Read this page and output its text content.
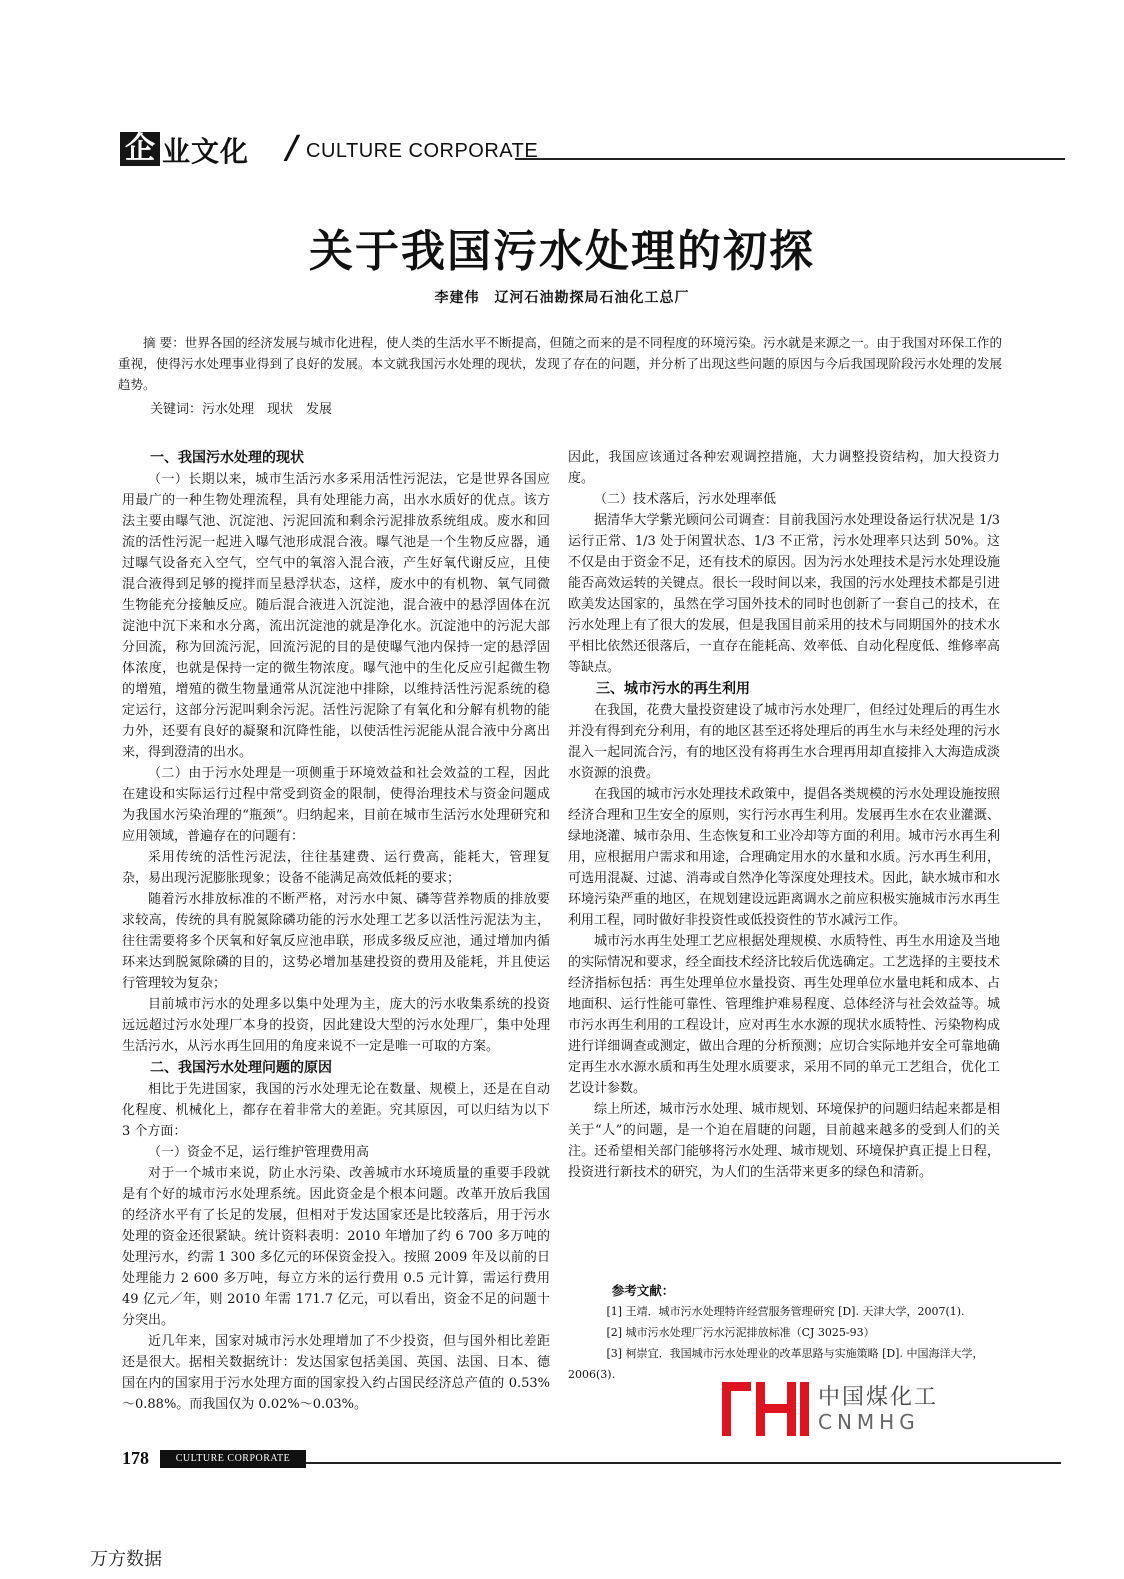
企 业文化 / CULTURE CORPORATE
关于我国污水处理的初探
李建伟　辽河石油勘探局石油化工总厂
摘 要：世界各国的经济发展与城市化进程，使人类的生活水平不断提高，但随之而来的是不同程度的环境污染。污水就是来源之一。由于我国对环保工作的重视，使得污水处理事业得到了良好的发展。本文就我国污水处理的现状，发现了存在的问题，并分析了出现这些问题的原因与今后我国现阶段污水处理的发展趋势。
关键词：污水处理　现状　发展
一、我国污水处理的现状

（一）长期以来，城市生活污水多采用活性污泥法，它是世界各国应用最广的一种生物处理流程，具有处理能力高，出水水质好的优点。该方法主要由曝气池、沉淀池、污泥回流和剩余污泥排放系统组成。废水和回流的活性污泥一起进入曝气池形成混合液。曝气池是一个生物反应器，通过曝气设备充入空气，空气中的氧溶入混合液，产生好氧代谢反应，且使混合液得到足够的搅拌而呈悬浮状态，这样，废水中的有机物、氧气同微生物能充分接触反应。随后混合液进入沉淀池，混合液中的悬浮固体在沉淀池中沉下来和水分离，流出沉淀池的就是净化水。沉淀池中的污泥大部分回流，称为回流污泥，回流污泥的目的是使曝气池内保持一定的悬浮固体浓度，也就是保持一定的微生物浓度。曝气池中的生化反应引起微生物的增殖，增殖的微生物量通常从沉淀池中排除，以维持活性污泥系统的稳定运行，这部分污泥叫剩余污泥。活性污泥除了有氧化和分解有机物的能力外，还要有良好的凝聚和沉降性能，以使活性污泥能从混合液中分离出来，得到澄清的出水。

（二）由于污水处理是一项侧重于环境效益和社会效益的工程，因此在建设和实际运行过程中常受到资金的限制，使得治理技术与资金问题成为我国水污染治理的“瓶颈”。归纳起来，目前在城市生活污水处理研究和应用领域，普遍存在的问题有：

采用传统的活性污泥法，往往基建费、运行费高，能耗大，管理复杂，易出现污泥膨胀现象；设备不能满足高效低耗的要求；

随着污水排放标准的不断严格，对污水中氮、磷等营养物质的排放要求较高，传统的具有脱氮除磷功能的污水处理工艺多以活性污泥法为主，往往需要将多个厌氧和好氧反应池串联，形成多级反应池，通过增加内循环来达到脱氮除磷的目的，这势必增加基建投资的费用及能耗，并且使运行管理较为复杂；

目前城市污水的处理多以集中处理为主，庞大的污水收集系统的投资远远超过污水处理厂本身的投资，因此建设大型的污水处理厂，集中处理生活污水，从污水再生回用的角度来说不一定是唯一可取的方案。

二、我国污水处理问题的原因

相比于先进国家，我国的污水处理无论在数量、规模上，还是在自动化程度、机械化上，都存在着非常大的差距。究其原因，可以归结为以下 3 个方面：

（一）资金不足，运行维护管理费用高

对于一个城市来说，防止水污染、改善城市水环境质量的重要手段就是有个好的城市污水处理系统。因此资金是个根本问题。改革开放后我国的经济水平有了长足的发展，但相对于发达国家还是比较落后，用于污水处理的资金还很紧缺。统计资料表明：2010 年增加了约 6 700 多万吨的处理污水，约需 1 300 多亿元的环保资金投入。按照 2009 年及以前的日处理能力 2 600 多万吨，每立方米的运行费用 0.5 元计算，需运行费用 49 亿元／年，则 2010 年需 171.7 亿元，可以看出，资金不足的问题十分突出。

近几年来，国家对城市污水处理增加了不少投资，但与国外相比差距还是很大。据相关数据统计：发达国家包括美国、英国、法国、日本、德国在内的国家用于污水处理方面的国家投入约占国民经济总产值的 0.53%～0.88%。而我国仅为 0.02%～0.03%。

因此，我国应该通过各种宏观调控措施，大力调整投资结构，加大投资力度。

（二）技术落后，污水处理率低

据清华大学紫光顾问公司调查：目前我国污水处理设备运行状况是 1/3 运行正常、1/3 处于闲置状态、1/3 不正常，污水处理率只达到 50%。这不仅是由于资金不足，还有技术的原因。因为污水处理技术是污水处理设施能否高效运转的关键点。很长一段时间以来，我国的污水处理技术都是引进欧美发达国家的，虽然在学习国外技术的同时也创新了一套自己的技术，在污水处理上有了很大的发展，但是我国目前采用的技术与同期国外的技术水平相比依然还很落后，一直存在能耗高、效率低、自动化程度低、维修率高等缺点。

三、城市污水的再生利用

在我国，花费大量投资建设了城市污水处理厂，但经过处理后的再生水并没有得到充分利用，有的地区甚至还将处理后的再生水与未经处理的污水混入一起同流合污，有的地区没有将再生水合理再用却直接排入大海造成淡水资源的浪费。

在我国的城市污水处理技术政策中，提倡各类规模的污水处理设施按照经济合理和卫生安全的原则，实行污水再生利用。发展再生水在农业灌溉、绿地浇灌、城市杂用、生态恢复和工业冷却等方面的利用。城市污水再生利用，应根据用户需求和用途，合理确定用水的水量和水质。污水再生利用，可选用混凝、过滤、消毒或自然净化等深度处理技术。因此，缺水城市和水环境污染严重的地区，在规划建设远距离调水之前应积极实施城市污水再生利用工程，同时做好非投资性或低投资性的节水减污工作。

城市污水再生处理工艺应根据处理规模、水质特性、再生水用途及当地的实际情况和要求，经全面技术经济比较后优选确定。工艺选择的主要技术经济指标包括：再生处理单位水量投资、再生处理单位水量电耗和成本、占地面积、运行性能可靠性、管理维护难易程度、总体经济与社会效益等。城市污水再生利用的工程设计，应对再生水水源的现状水质特性、污染物构成进行详细调查或测定，做出合理的分析预测；应切合实际地并安全可靠地确定再生水水源水质和再生处理水质要求，采用不同的单元工艺组合，优化工艺设计参数。

综上所述，城市污水处理、城市规划、环境保护的问题归结起来都是相关于“人”的问题，是一个迫在眉睫的问题，目前越来越多的受到人们的关注。还希望相关部门能够将污水处理、城市规划、环境保护真正提上日程，投资进行新技术的研究，为人们的生活带来更多的绿色和清新。

参考文献：

[1] 王靖．城市污水处理特许经营服务管理研究 [D]. 天津大学，2007(1).

[2] 城市污水处理厂污水污泥排放标准（CJ 3025-93）

[3] 柯崇宜．我国城市污水处理业的改革思路与实施策略 [D]. 中国海洋大学，2006(3).

中国煤化工
CNMHG
178	CULTURE CORPORATE
万方数据
